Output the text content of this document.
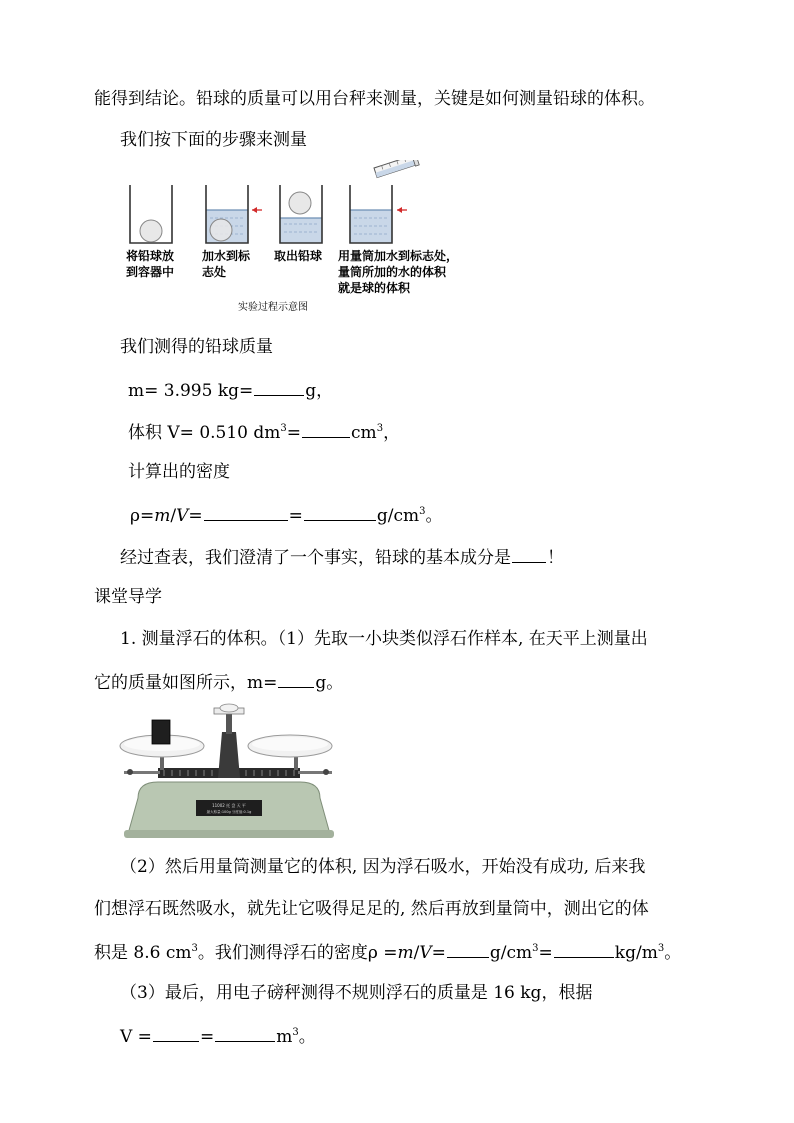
能得到结论。铅球的质量可以用台秤来测量，关键是如何测量铅球的体积。
我们按下面的步骤来测量
将铅球放
到容器中
加水到标
志处
取出铅球 用量筒加水到标志处，
量筒所加的水的体积
就是球的体积
实验过程示意图
我们测得的铅球质量
m= 3.995 kg=	g，
体积 V= 0.510 $dm^3=$	$cm^3$，
计算出的密度
ρ=m/V=	=	$g/cm^3$。
经过查表，我们澄清了一个事实，铅球的基本成分是 ！
课堂导学
1. 测量浮石的体积。（1）先取一小块类似浮石作样本, 在天平上测量出
它的质量如图所示，m= g。
11002 托 盘 天 平
最大称量:100g 分度值:0.1g
（2）然后用量筒测量它的体积, 因为浮石吸水，开始没有成功, 后来我
们想浮石既然吸水，就先让它吸得足足的, 然后再放到量筒中，测出它的体
积是 8.6 $cm^3$。我们测得浮石的密度ρ =m/V=	$g/cm^3=$	$kg/m^3$。
（3）最后，用电子磅秤测得不规则浮石的质量是 16 kg，根据
V =	=	$m^3$。
